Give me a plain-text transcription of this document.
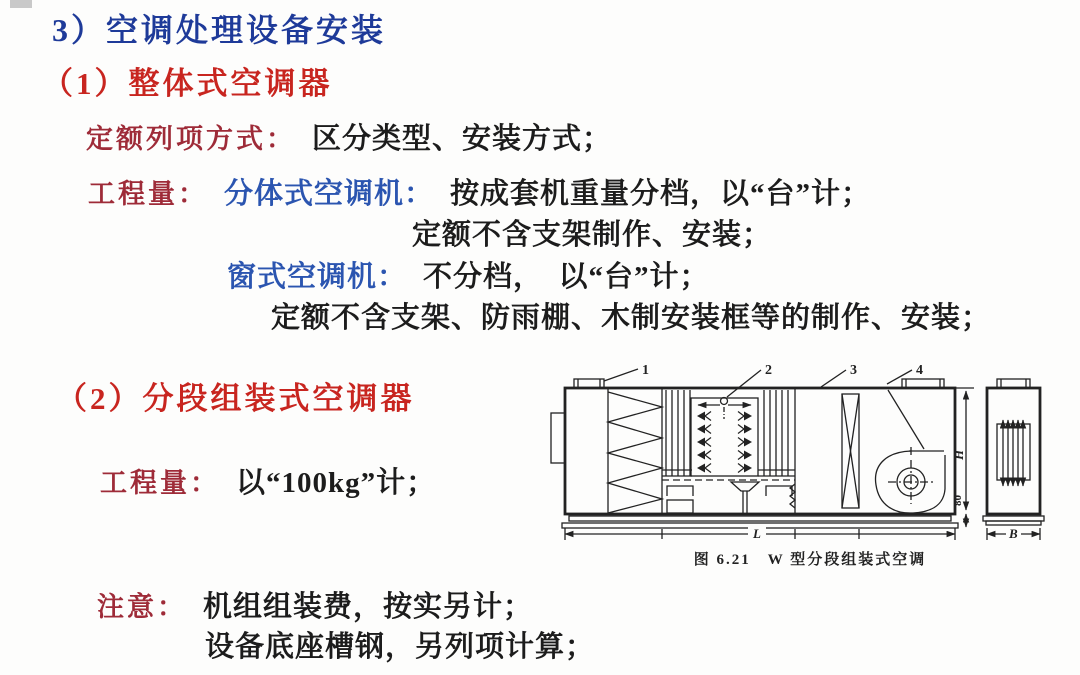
3）空调处理设备安装
（1）整体式空调器
定额列项方式： 区分类型、安装方式；
工程量： 分体式空调机： 按成套机重量分档，以“台”计；
定额不含支架制作、安装；
窗式空调机： 不分档，　以“台”计；
定额不含支架、防雨棚、木制安装框等的制作、安装；
（2）分段组装式空调器
工程量： 以“100kg”计；
注意： 机组组装费，按实另计；
设备底座槽钢，另列项计算；
1	2	3	4
H
80
L	B
图 6.21　W 型分段组装式空调
